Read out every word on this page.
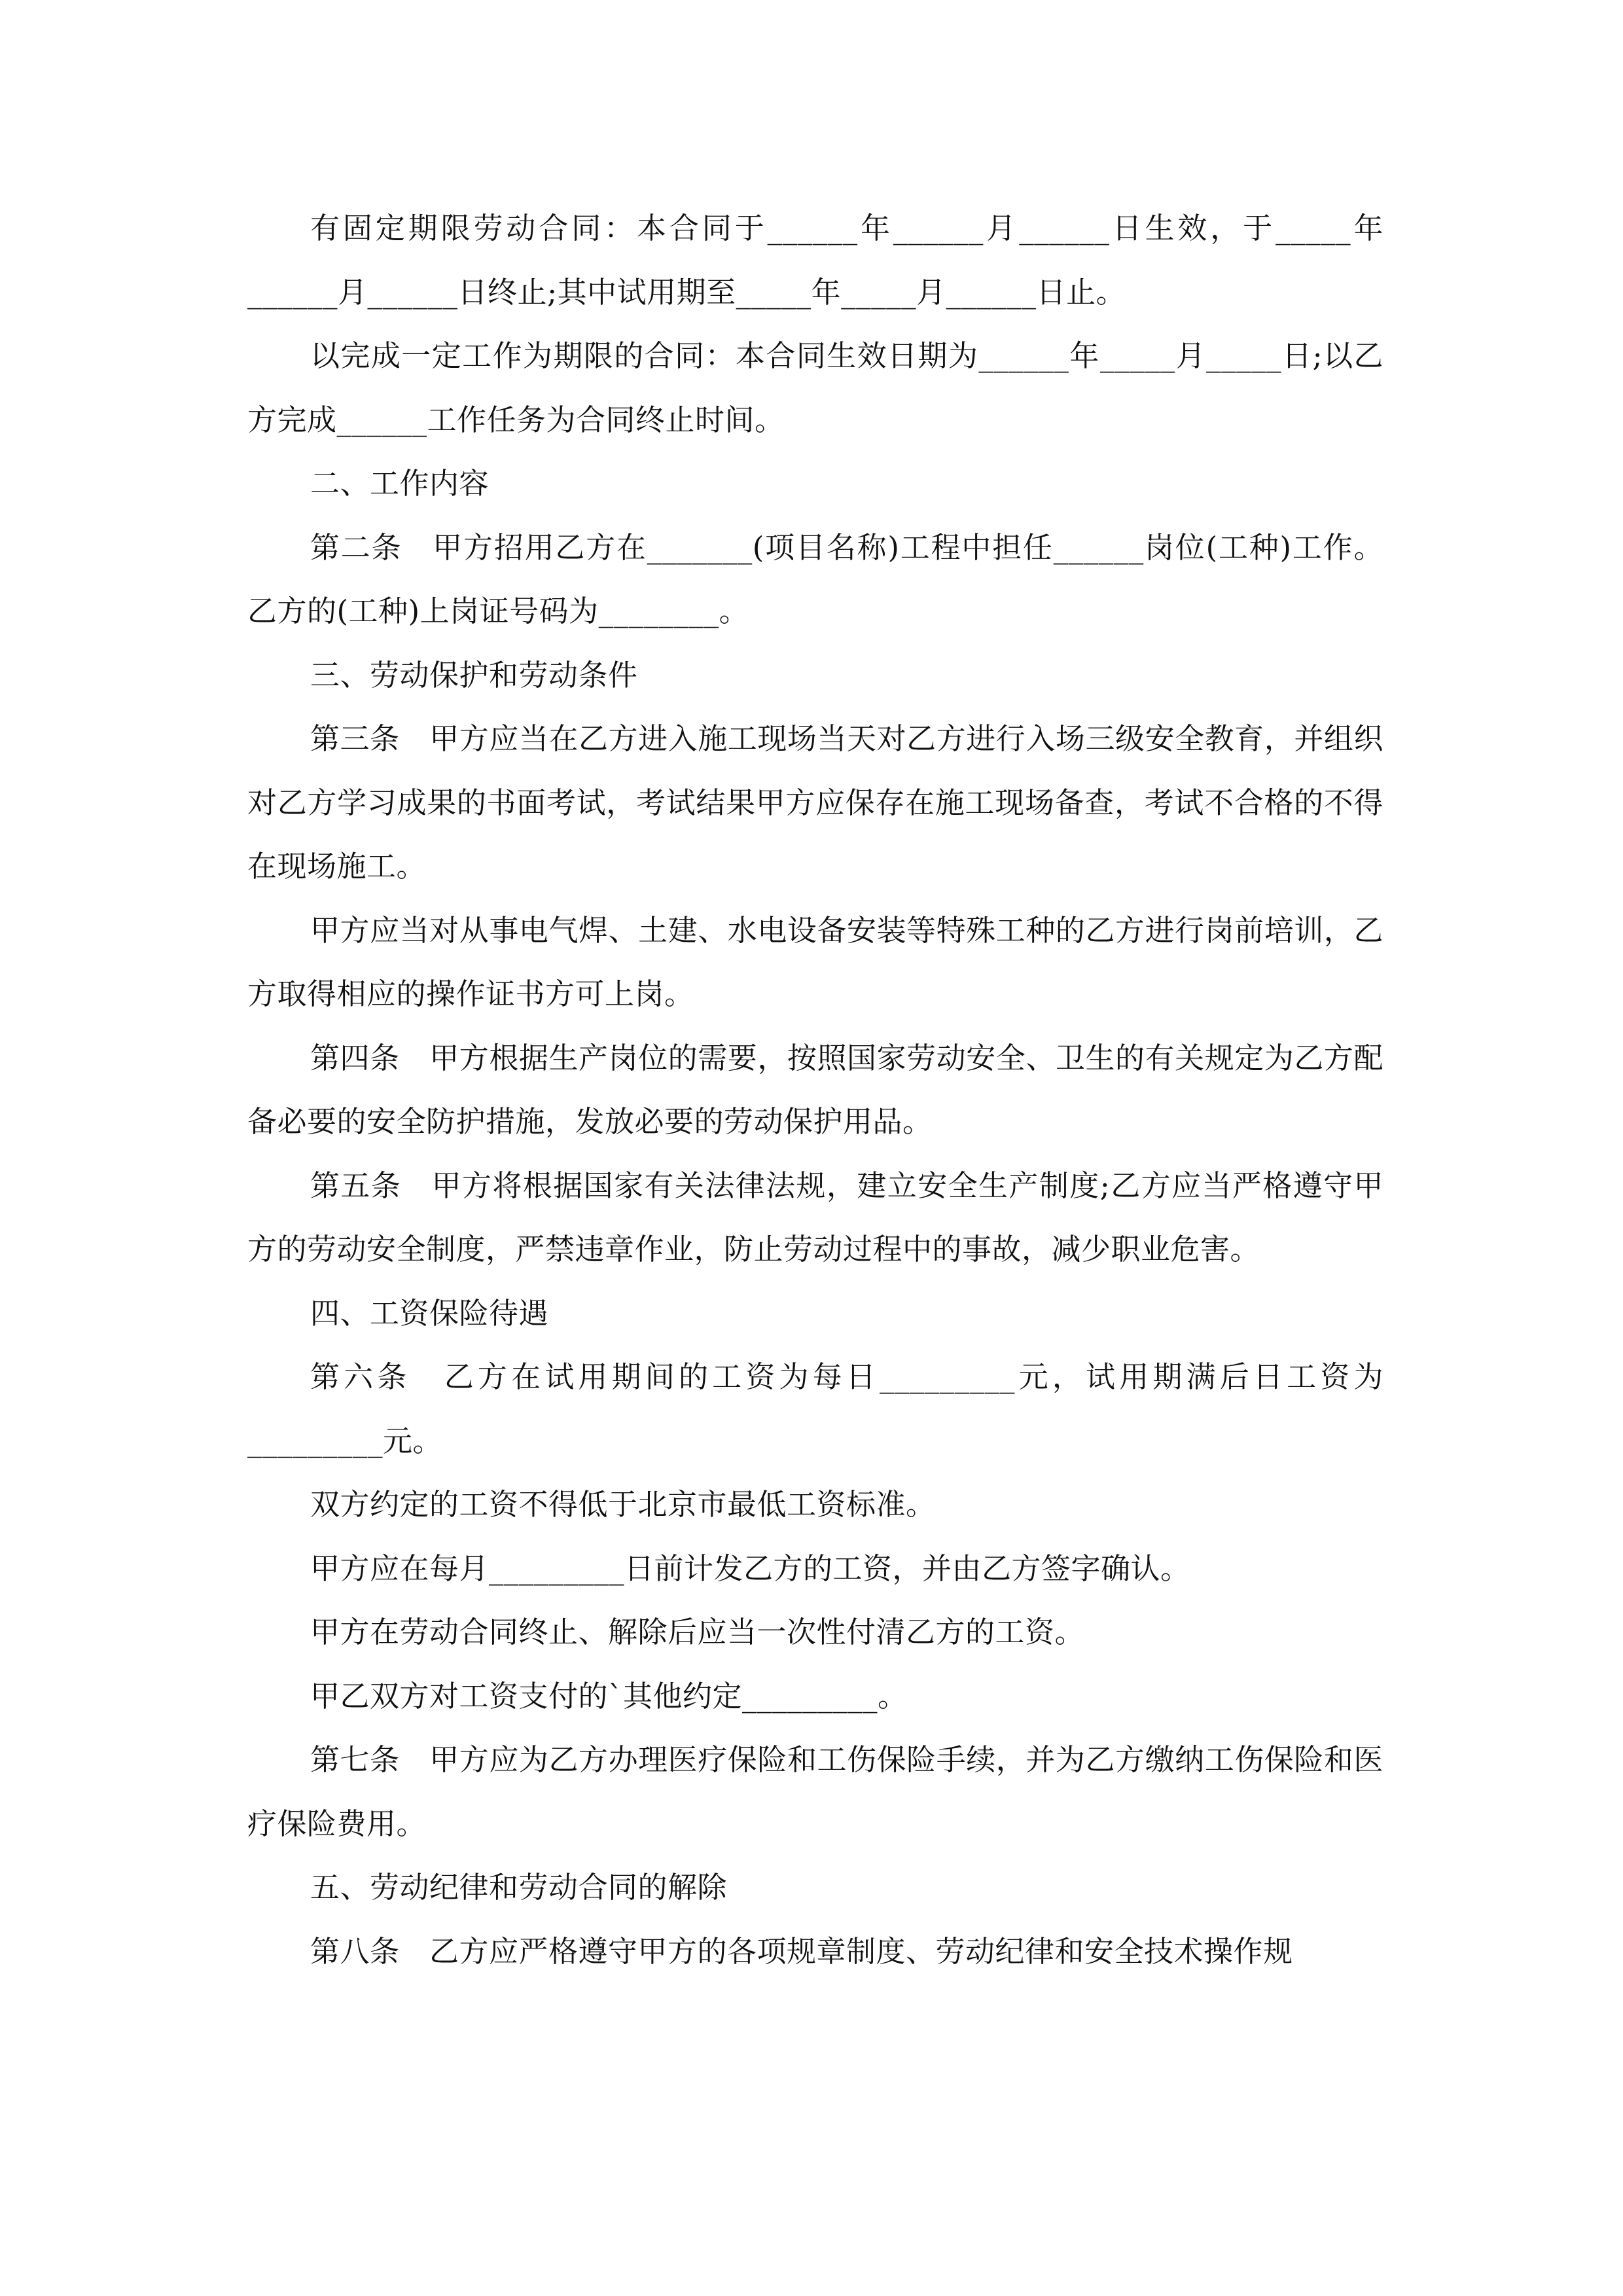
有固定期限劳动合同：本合同于______年______月______日生效，于_____年______月______日终止;其中试用期至_____年_____月______日止。

以完成一定工作为期限的合同：本合同生效日期为______年_____月_____日;以乙方完成______工作任务为合同终止时间。

二、工作内容

第二条　甲方招用乙方在_______(项目名称)工程中担任______岗位(工种)工作。乙方的(工种)上岗证号码为________。

三、劳动保护和劳动条件

第三条　甲方应当在乙方进入施工现场当天对乙方进行入场三级安全教育，并组织对乙方学习成果的书面考试，考试结果甲方应保存在施工现场备查，考试不合格的不得在现场施工。

甲方应当对从事电气焊、土建、水电设备安装等特殊工种的乙方进行岗前培训，乙方取得相应的操作证书方可上岗。

第四条　甲方根据生产岗位的需要，按照国家劳动安全、卫生的有关规定为乙方配备必要的安全防护措施，发放必要的劳动保护用品。

第五条　甲方将根据国家有关法律法规，建立安全生产制度;乙方应当严格遵守甲方的劳动安全制度，严禁违章作业，防止劳动过程中的事故，减少职业危害。

四、工资保险待遇

第六条　乙方在试用期间的工资为每日_________元，试用期满后日工资为_________元。

双方约定的工资不得低于北京市最低工资标准。

甲方应在每月_________日前计发乙方的工资，并由乙方签字确认。

甲方在劳动合同终止、解除后应当一次性付清乙方的工资。

甲乙双方对工资支付的`其他约定_________。

第七条　甲方应为乙方办理医疗保险和工伤保险手续，并为乙方缴纳工伤保险和医疗保险费用。

五、劳动纪律和劳动合同的解除

第八条　乙方应严格遵守甲方的各项规章制度、劳动纪律和安全技术操作规
